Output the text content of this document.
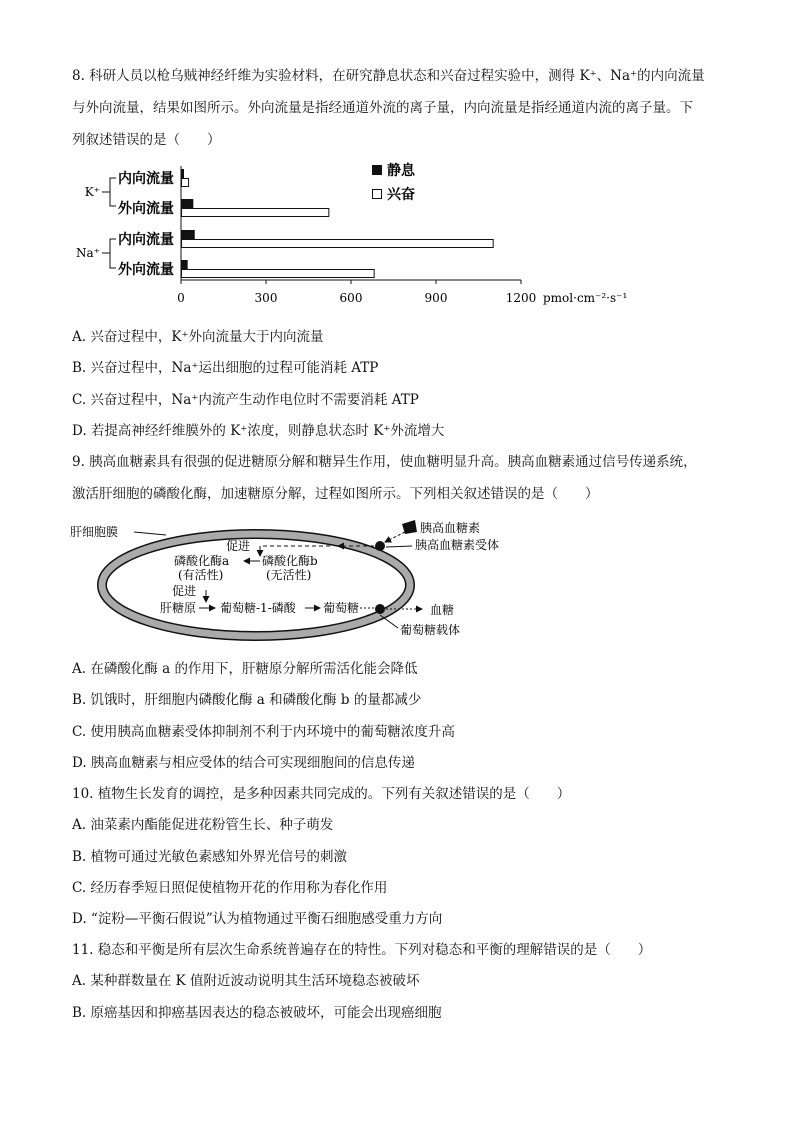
8. 科研人员以枪乌贼神经纤维为实验材料，在研究静息状态和兴奋过程实验中，测得 K⁺、Na⁺的内向流量
与外向流量，结果如图所示。外向流量是指经通道外流的离子量，内向流量是指经通道内流的离子量。下
列叙述错误的是（　　）
K⁺
Na⁺
内向流量
外向流量
内向流量
外向流量
0	300	600	900	1200 pmol·cm⁻²·s⁻¹
静息
兴奋
A. 兴奋过程中，K⁺外向流量大于内向流量
B. 兴奋过程中，Na⁺运出细胞的过程可能消耗 ATP
C. 兴奋过程中，Na⁺内流产生动作电位时不需要消耗 ATP
D. 若提高神经纤维膜外的 K⁺浓度，则静息状态时 K⁺外流增大
9. 胰高血糖素具有很强的促进糖原分解和糖异生作用，使血糖明显升高。胰高血糖素通过信号传递系统，
激活肝细胞的磷酸化酶，加速糖原分解，过程如图所示。下列相关叙述错误的是（　　）
肝细胞膜	胰高血糖素
胰高血糖素受体
促进
磷酸化酶a
(有活性)
磷酸化酶b
(无活性)
促进
肝糖原 葡萄糖-1-磷酸 葡萄糖	血糖
葡萄糖载体
A. 在磷酸化酶 a 的作用下，肝糖原分解所需活化能会降低
B. 饥饿时，肝细胞内磷酸化酶 a 和磷酸化酶 b 的量都减少
C. 使用胰高血糖素受体抑制剂不利于内环境中的葡萄糖浓度升高
D. 胰高血糖素与相应受体的结合可实现细胞间的信息传递
10. 植物生长发育的调控，是多种因素共同完成的。下列有关叙述错误的是（　　）
A. 油菜素内酯能促进花粉管生长、种子萌发
B. 植物可通过光敏色素感知外界光信号的刺激
C. 经历春季短日照促使植物开花的作用称为春化作用
D. “淀粉—平衡石假说”认为植物通过平衡石细胞感受重力方向
11. 稳态和平衡是所有层次生命系统普遍存在的特性。下列对稳态和平衡的理解错误的是（　　）
A. 某种群数量在 K 值附近波动说明其生活环境稳态被破坏
B. 原癌基因和抑癌基因表达的稳态被破坏，可能会出现癌细胞
